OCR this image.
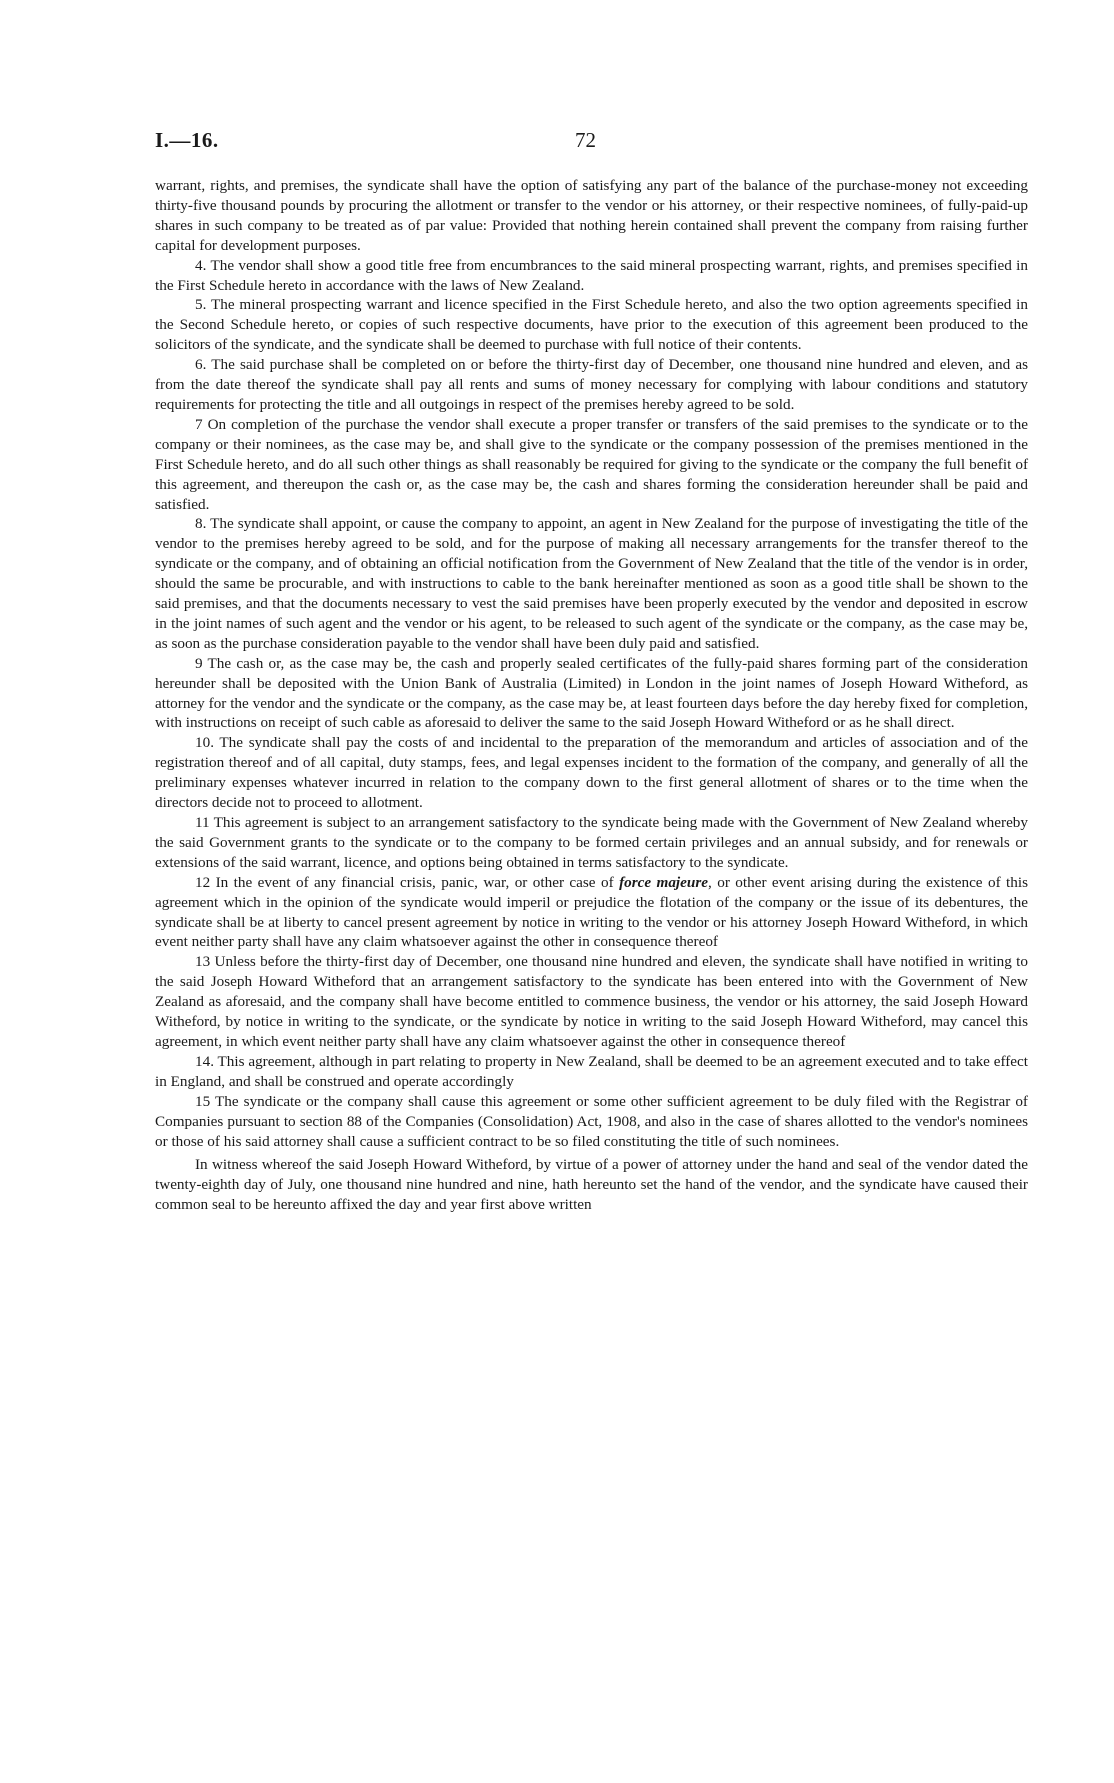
I.—16.	72

warrant, rights, and premises, the syndicate shall have the option of satisfying any part of the balance of the purchase-money not exceeding thirty-five thousand pounds by procuring the allotment or transfer to the vendor or his attorney, or their respective nominees, of fully-paid-up shares in such company to be treated as of par value: Provided that nothing herein contained shall prevent the company from raising further capital for development purposes.

4. The vendor shall show a good title free from encumbrances to the said mineral prospecting warrant, rights, and premises specified in the First Schedule hereto in accordance with the laws of New Zealand.

5. The mineral prospecting warrant and licence specified in the First Schedule hereto, and also the two option agreements specified in the Second Schedule hereto, or copies of such respective documents, have prior to the execution of this agreement been produced to the solicitors of the syndicate, and the syndicate shall be deemed to purchase with full notice of their contents.

6. The said purchase shall be completed on or before the thirty-first day of December, one thousand nine hundred and eleven, and as from the date thereof the syndicate shall pay all rents and sums of money necessary for complying with labour conditions and statutory requirements for protecting the title and all outgoings in respect of the premises hereby agreed to be sold.

7 On completion of the purchase the vendor shall execute a proper transfer or transfers of the said premises to the syndicate or to the company or their nominees, as the case may be, and shall give to the syndicate or the company possession of the premises mentioned in the First Schedule hereto, and do all such other things as shall reasonably be required for giving to the syndicate or the company the full benefit of this agreement, and thereupon the cash or, as the case may be, the cash and shares forming the consideration hereunder shall be paid and satisfied.

8. The syndicate shall appoint, or cause the company to appoint, an agent in New Zealand for the purpose of investigating the title of the vendor to the premises hereby agreed to be sold, and for the purpose of making all necessary arrangements for the transfer thereof to the syndicate or the company, and of obtaining an official notification from the Government of New Zealand that the title of the vendor is in order, should the same be procurable, and with instructions to cable to the bank hereinafter mentioned as soon as a good title shall be shown to the said premises, and that the documents necessary to vest the said premises have been properly executed by the vendor and deposited in escrow in the joint names of such agent and the vendor or his agent, to be released to such agent of the syndicate or the company, as the case may be, as soon as the purchase consideration payable to the vendor shall have been duly paid and satisfied.

9 The cash or, as the case may be, the cash and properly sealed certificates of the fully-paid shares forming part of the consideration hereunder shall be deposited with the Union Bank of Australia (Limited) in London in the joint names of Joseph Howard Witheford, as attorney for the vendor and the syndicate or the company, as the case may be, at least fourteen days before the day hereby fixed for completion, with instructions on receipt of such cable as aforesaid to deliver the same to the said Joseph Howard Witheford or as he shall direct.

10. The syndicate shall pay the costs of and incidental to the preparation of the memorandum and articles of association and of the registration thereof and of all capital, duty stamps, fees, and legal expenses incident to the formation of the company, and generally of all the preliminary expenses whatever incurred in relation to the company down to the first general allotment of shares or to the time when the directors decide not to proceed to allotment.

11 This agreement is subject to an arrangement satisfactory to the syndicate being made with the Government of New Zealand whereby the said Government grants to the syndicate or to the company to be formed certain privileges and an annual subsidy, and for renewals or extensions of the said warrant, licence, and options being obtained in terms satisfactory to the syndicate.

12 In the event of any financial crisis, panic, war, or other case of force majeure, or other event arising during the existence of this agreement which in the opinion of the syndicate would imperil or prejudice the flotation of the company or the issue of its debentures, the syndicate shall be at liberty to cancel present agreement by notice in writing to the vendor or his attorney Joseph Howard Witheford, in which event neither party shall have any claim whatsoever against the other in consequence thereof

13 Unless before the thirty-first day of December, one thousand nine hundred and eleven, the syndicate shall have notified in writing to the said Joseph Howard Witheford that an arrangement satisfactory to the syndicate has been entered into with the Government of New Zealand as aforesaid, and the company shall have become entitled to commence business, the vendor or his attorney, the said Joseph Howard Witheford, by notice in writing to the syndicate, or the syndicate by notice in writing to the said Joseph Howard Witheford, may cancel this agreement, in which event neither party shall have any claim whatsoever against the other in consequence thereof

14. This agreement, although in part relating to property in New Zealand, shall be deemed to be an agreement executed and to take effect in England, and shall be construed and operate accordingly

15 The syndicate or the company shall cause this agreement or some other sufficient agreement to be duly filed with the Registrar of Companies pursuant to section 88 of the Companies (Consolidation) Act, 1908, and also in the case of shares allotted to the vendor's nominees or those of his said attorney shall cause a sufficient contract to be so filed constituting the title of such nominees.

In witness whereof the said Joseph Howard Witheford, by virtue of a power of attorney under the hand and seal of the vendor dated the twenty-eighth day of July, one thousand nine hundred and nine, hath hereunto set the hand of the vendor, and the syndicate have caused their common seal to be hereunto affixed the day and year first above written
